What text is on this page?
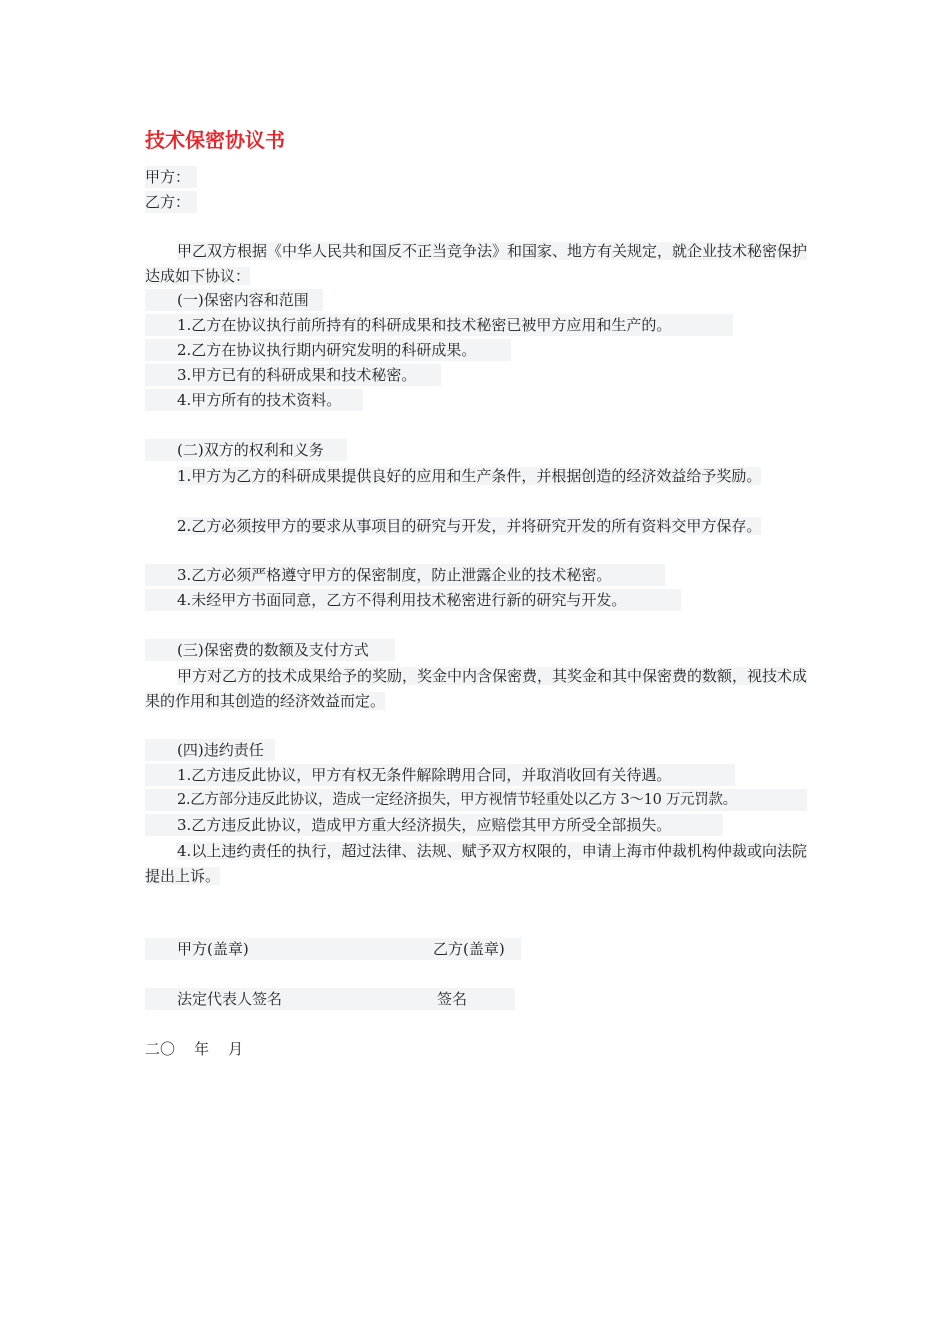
技术保密协议书
甲方：
乙方：
甲乙双方根据《中华人民共和国反不正当竞争法》和国家、地方有关规定，就企业技术秘密保护达成如下协议：
(一)保密内容和范围
1.乙方在协议执行前所持有的科研成果和技术秘密已被甲方应用和生产的。
2.乙方在协议执行期内研究发明的科研成果。
3.甲方已有的科研成果和技术秘密。
4.甲方所有的技术资料。
(二)双方的权利和义务
1.甲方为乙方的科研成果提供良好的应用和生产条件，并根据创造的经济效益给予奖励。
2.乙方必须按甲方的要求从事项目的研究与开发，并将研究开发的所有资料交甲方保存。
3.乙方必须严格遵守甲方的保密制度，防止泄露企业的技术秘密。
4.未经甲方书面同意，乙方不得利用技术秘密进行新的研究与开发。
(三)保密费的数额及支付方式
甲方对乙方的技术成果给予的奖励，奖金中内含保密费，其奖金和其中保密费的数额，视技术成果的作用和其创造的经济效益而定。
(四)违约责任
1.乙方违反此协议，甲方有权无条件解除聘用合同，并取消收回有关待遇。
2.乙方部分违反此协议，造成一定经济损失，甲方视情节轻重处以乙方 3～10 万元罚款。
3.乙方违反此协议，造成甲方重大经济损失，应赔偿其甲方所受全部损失。
4.以上违约责任的执行，超过法律、法规、赋予双方权限的，申请上海市仲裁机构仲裁或向法院提出上诉。
甲方(盖章)	乙方(盖章)
法定代表人签名	签名
二〇    年    月
